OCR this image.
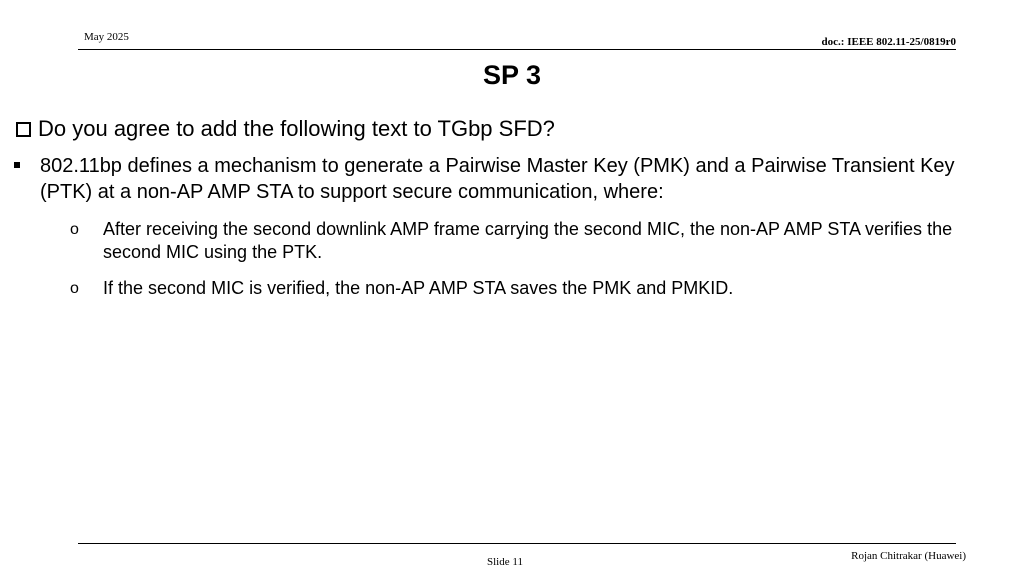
May 2025	doc.: IEEE 802.11-25/0819r0
SP 3
Do you agree to add the following text to TGbp SFD?
802.11bp defines a mechanism to generate a Pairwise Master Key (PMK) and a Pairwise Transient Key (PTK) at a non-AP AMP STA to support secure communication, where:
o After receiving the second downlink AMP frame carrying the second MIC, the non-AP AMP STA verifies the second MIC using the PTK.
o If the second MIC is verified, the non-AP AMP STA saves the PMK and PMKID.
Slide 11	Rojan Chitrakar (Huawei)
